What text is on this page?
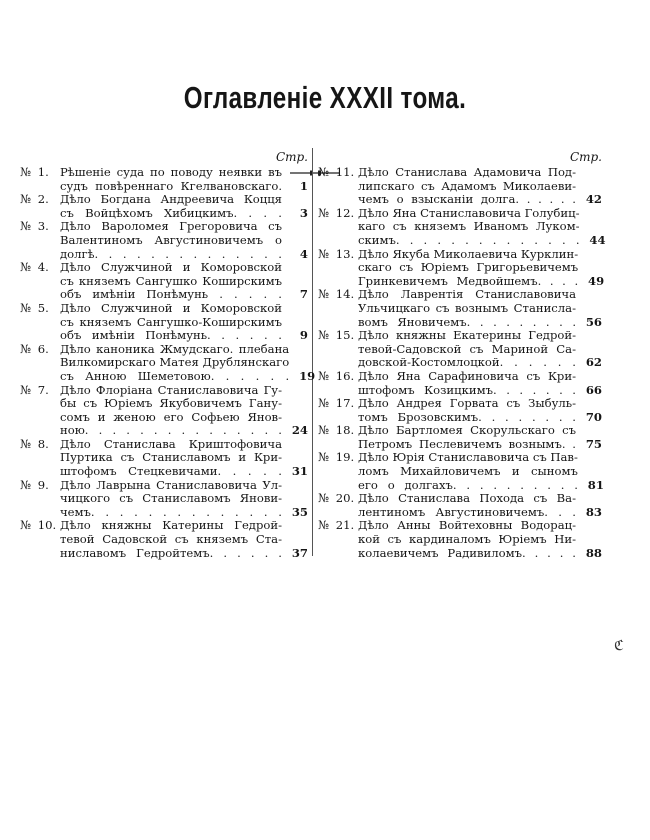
Оглавленіе XXXII тома.
Стр.
№ 1. Рѣшеніе суда по поводу неявки въ
судъ повѣреннаго Кгелвановскаго.	1
№ 2. Дѣло Богдана Андреевича Коцця
съ Войцѣхомъ Хибицкимъ. . . .	3
№ 3. Дѣло Вароломея Грегоровича съ
Валентиномъ Августиновичемъ о
долгѣ. . . . . . . . . . . . . .	4
№ 4. Дѣло Служчиной и Коморовской
съ княземъ Сангушко Коширскимъ
объ имѣніи Понѣмунь . . . . .	7
№ 5. Дѣло Служчиной и Коморовской
съ княземъ Сангушко-Коширскимъ
объ имѣніи Понѣмунь. . . . . .	9
№ 6. Дѣло каноника Жмудскаго. плебана
Вилкомирскаго Матея Друблянскаго
съ Анною Шеметовою. . . . . . 19
№ 7. Дѣло Флоріана Станиславовича Гу-
бы съ Юріемъ Якубовичемъ Гану-
сомъ и женою его Софьею Янов-
ною. . . . . . . . . . . . . . . 24
№ 8. Дѣло Станислава Криштофовича
Пуртика съ Станиславомъ и Кри-
штофомъ Стецкевичами. . . . . 31
№ 9. Дѣло Лаврына Станиславовича Ул-
чицкого съ Станиславомъ Янови-
чемъ. . . . . . . . . . . . . . 35
№ 10. Дѣло княжны Катерины Гедрой-
тевой Садовской съ княземъ Ста-
ниславомъ Гедройтемъ. . . . . . 37
Стр.
№ 11. Дѣло Станислава Адамовича Под-
липскаго съ Адамомъ Миколаеви-
чемъ о взысканіи долга. . . . . . 42
№ 12. Дѣло Яна Станиславовича Голубиц-
каго съ княземъ Иваномъ Луком-
скимъ. . . . . . . . . . . . . . 44
№ 13. Дѣло Якуба Миколаевича Курклин-
скаго съ Юріемъ Григорьевичемъ
Гринкевичемъ Медвойшемъ. . . . 49
№ 14. Дѣло Лаврентія Станиславовича
Ульчицкаго съ вознымъ Станисла-
вомъ Яновичемъ. . . . . . . . . 56
№ 15. Дѣло княжны Екатерины Гедрой-
тевой-Садовской съ Мариной Са-
довской-Костомлоцкой. . . . . . 62
№ 16. Дѣло Яна Сарафиновича съ Кри-
штофомъ Козицкимъ. . . . . . . 66
№ 17. Дѣло Андрея Горвата съ Зыбуль-
томъ Брозовскимъ. . . . . . . . 70
№ 18. Дѣло Бартломея Скорульскаго съ
Петромъ Песлевичемъ вознымъ. . 75
№ 19. Дѣло Юрія Станиславовича съ Пав-
ломъ Михайловичемъ и сыномъ
его о долгахъ. . . . . . . . . . 81
№ 20. Дѣло Станислава Похода съ Ва-
лентиномъ Августиновичемъ. . . 83
№ 21. Дѣло Анны Войтеховны Водорац-
кой съ кардиналомъ Юріемъ Ни-
колаевичемъ Радивиломъ. . . . . 88
ℭ
